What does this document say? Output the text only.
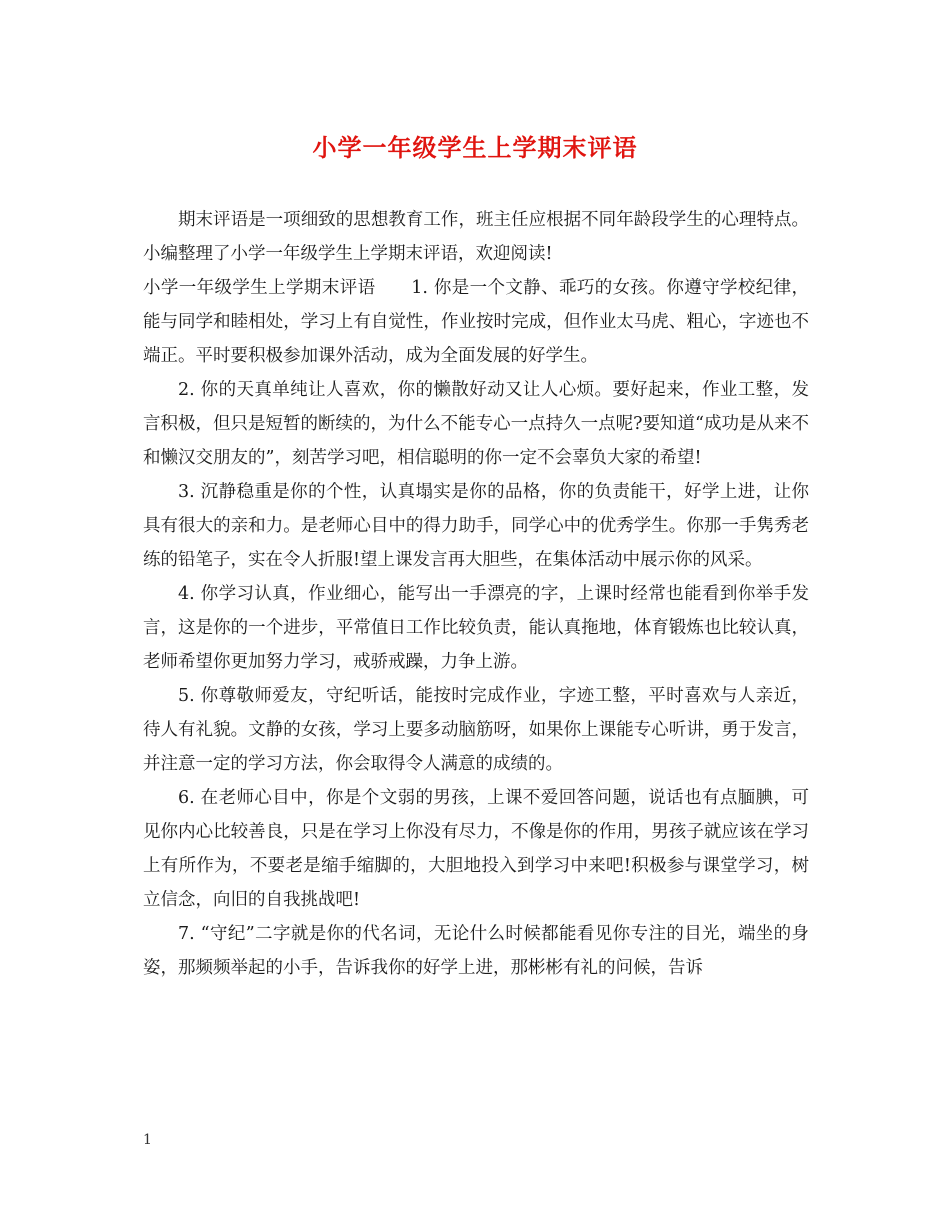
小学一年级学生上学期末评语

期末评语是一项细致的思想教育工作，班主任应根据不同年龄段学生的心理特点。小编整理了小学一年级学生上学期末评语，欢迎阅读!

小学一年级学生上学期末评语　　1. 你是一个文静、乖巧的女孩。你遵守学校纪律，能与同学和睦相处，学习上有自觉性，作业按时完成，但作业太马虎、粗心，字迹也不端正。平时要积极参加课外活动，成为全面发展的好学生。

2. 你的天真单纯让人喜欢，你的懒散好动又让人心烦。要好起来，作业工整，发言积极，但只是短暂的断续的，为什么不能专心一点持久一点呢?要知道“成功是从来不和懒汉交朋友的”，刻苦学习吧，相信聪明的你一定不会辜负大家的希望!

3. 沉静稳重是你的个性，认真塌实是你的品格，你的负责能干，好学上进，让你具有很大的亲和力。是老师心目中的得力助手，同学心中的优秀学生。你那一手隽秀老练的铅笔子，实在令人折服!望上课发言再大胆些，在集体活动中展示你的风采。

4. 你学习认真，作业细心，能写出一手漂亮的字，上课时经常也能看到你举手发言，这是你的一个进步，平常值日工作比较负责，能认真拖地，体育锻炼也比较认真，老师希望你更加努力学习，戒骄戒躁，力争上游。

5. 你尊敬师爱友，守纪听话，能按时完成作业，字迹工整，平时喜欢与人亲近，待人有礼貌。文静的女孩，学习上要多动脑筋呀，如果你上课能专心听讲，勇于发言，并注意一定的学习方法，你会取得令人满意的成绩的。

6. 在老师心目中，你是个文弱的男孩，上课不爱回答问题，说话也有点腼腆，可见你内心比较善良，只是在学习上你没有尽力，不像是你的作用，男孩子就应该在学习上有所作为，不要老是缩手缩脚的，大胆地投入到学习中来吧!积极参与课堂学习，树立信念，向旧的自我挑战吧!

7. “守纪”二字就是你的代名词，无论什么时候都能看见你专注的目光，端坐的身姿，那频频举起的小手，告诉我你的好学上进，那彬彬有礼的问候，告诉

1
